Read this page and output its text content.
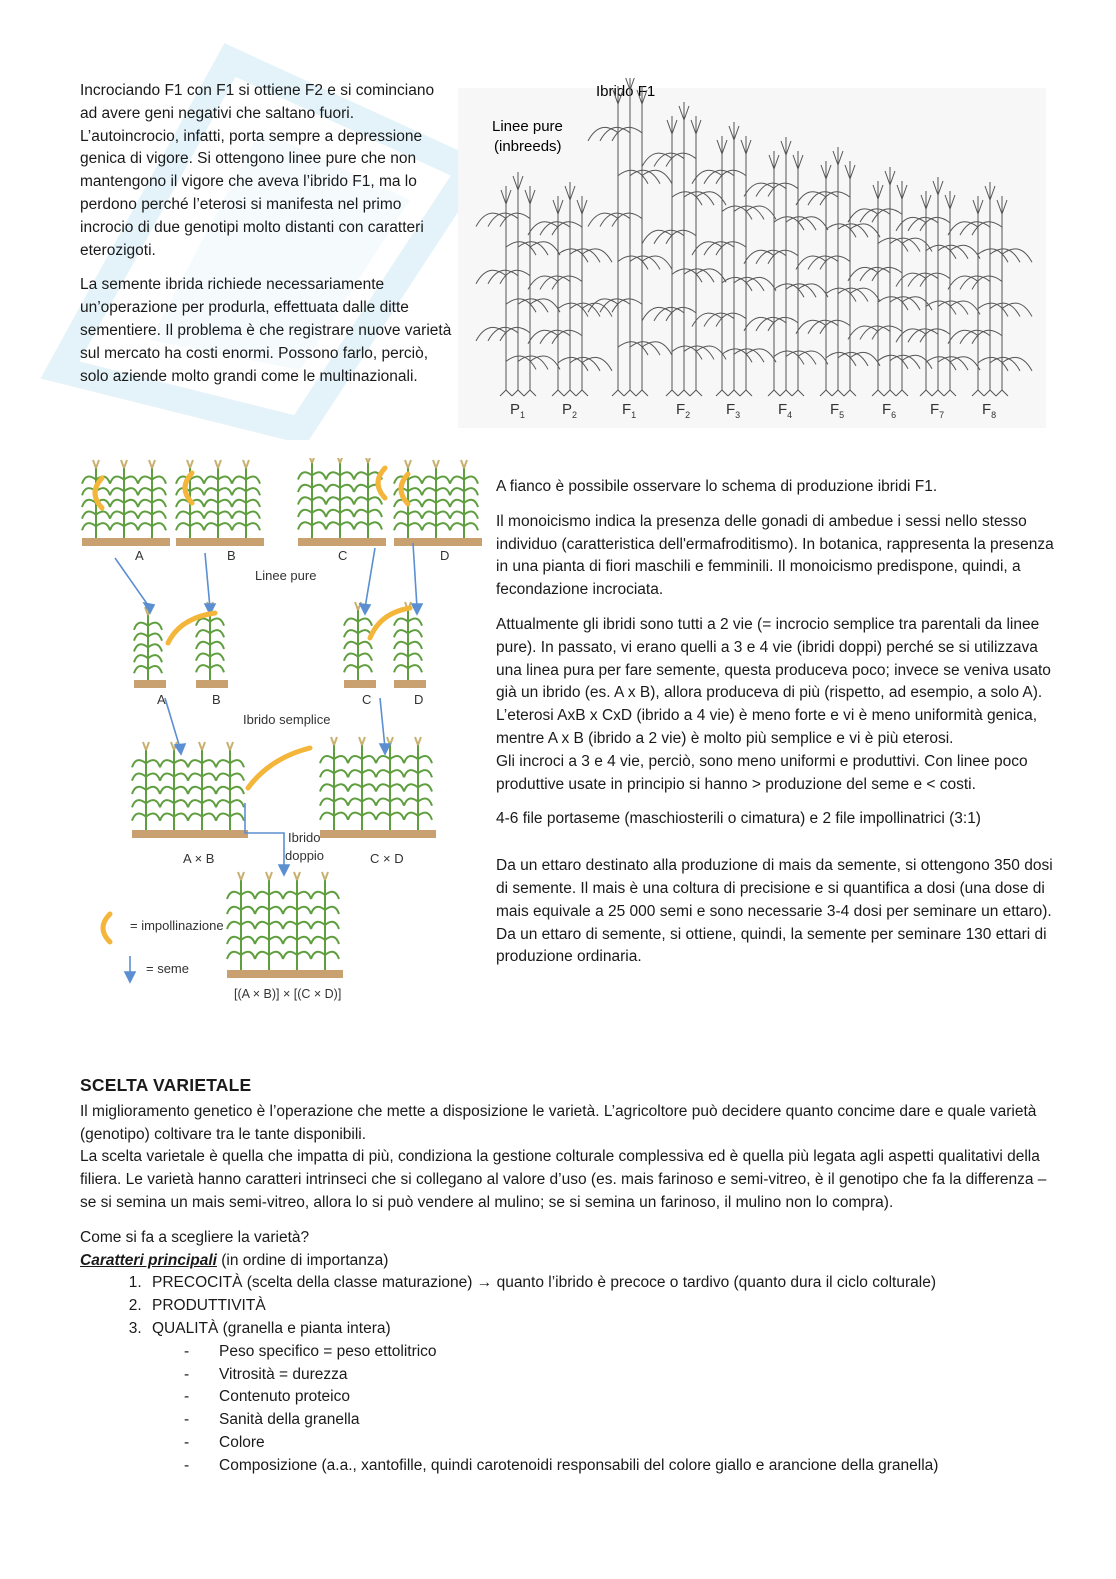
Incrociando F1 con F1 si ottiene F2 e si cominciano ad avere geni negativi che saltano fuori. L’autoincrocio, infatti, porta sempre a depressione genica di vigore. Si ottengono linee pure che non mantengono il vigore che aveva l’ibrido F1, ma lo perdono perché l’eterosi si manifesta nel primo incrocio di due genotipi molto distanti con caratteri eterozigoti.

La semente ibrida richiede necessariamente un’operazione per produrla, effettuata dalle ditte sementiere. Il problema è che registrare nuove varietà sul mercato ha costi enormi. Possono farlo, perciò, solo aziende molto grandi come le multinazionali.

Ibrido F1
Linee pure
(inbreeds)
$P_1$ $P_2$	$F_1$	$F_2$ $F_3$	$F_4$	$F_5$	$F_6$ $F_7$	$F_8$
A	B	C	D
Linee pure
A	B	C	D
Ibrido semplice
Ibrido
doppio
A × B	C × D
[(A × B)] × [(C × D)]
= impollinazione
= seme

A fianco è possibile osservare lo schema di produzione ibridi F1.

Il monoicismo indica la presenza delle gonadi di ambedue i sessi nello stesso individuo (caratteristica dell'ermafroditismo). In botanica, rappresenta la presenza in una pianta di fiori maschili e femminili. Il monoicismo predispone, quindi, a fecondazione incrociata.

Attualmente gli ibridi sono tutti a 2 vie (= incrocio semplice tra parentali da linee pure). In passato, vi erano quelli a 3 e 4 vie (ibridi doppi) perché se si utilizzava una linea pura per fare semente, questa produceva poco; invece se veniva usato già un ibrido (es. A x B), allora produceva di più (rispetto, ad esempio, a solo A). L’eterosi AxB x CxD (ibrido a 4 vie) è meno forte e vi è meno uniformità genica, mentre A x B (ibrido a 2 vie) è molto più semplice e vi è più eterosi.

Gli incroci a 3 e 4 vie, perciò, sono meno uniformi e produttivi. Con linee poco produttive usate in principio si hanno > produzione del seme e < costi.

4-6 file portaseme (maschiosterili o cimatura) e 2 file impollinatrici (3:1)

Da un ettaro destinato alla produzione di mais da semente, si ottengono 350 dosi di semente. Il mais è una coltura di precisione e si quantifica a dosi (una dose di mais equivale a 25 000 semi e sono necessarie 3-4 dosi per seminare un ettaro). Da un ettaro di semente, si ottiene, quindi, la semente per seminare 130 ettari di produzione ordinaria.

SCELTA VARIETALE
Il miglioramento genetico è l’operazione che mette a disposizione le varietà. L’agricoltore può decidere quanto concime dare e quale varietà (genotipo) coltivare tra le tante disponibili.
La scelta varietale è quella che impatta di più, condiziona la gestione colturale complessiva ed è quella più legata agli aspetti qualitativi della filiera. Le varietà hanno caratteri intrinseci che si collegano al valore d’uso (es. mais farinoso e semi-vitreo, è il genotipo che fa la differenza – se si semina un mais semi-vitreo, allora lo si può vendere al mulino; se si semina un farinoso, il mulino non lo compra).
Come si fa a scegliere la varietà?
Caratteri principali (in ordine di importanza)
1. PRECOCITÀ (scelta della classe maturazione) → quanto l’ibrido è precoce o tardivo (quanto dura il ciclo colturale)
2. PRODUTTIVITÀ
3. QUALITÀ (granella e pianta intera)
- Peso specifico = peso ettolitrico
- Vitrosità = durezza
- Contenuto proteico
- Sanità della granella
- Colore
- Composizione (a.a., xantofille, quindi carotenoidi responsabili del colore giallo e arancione della granella)
